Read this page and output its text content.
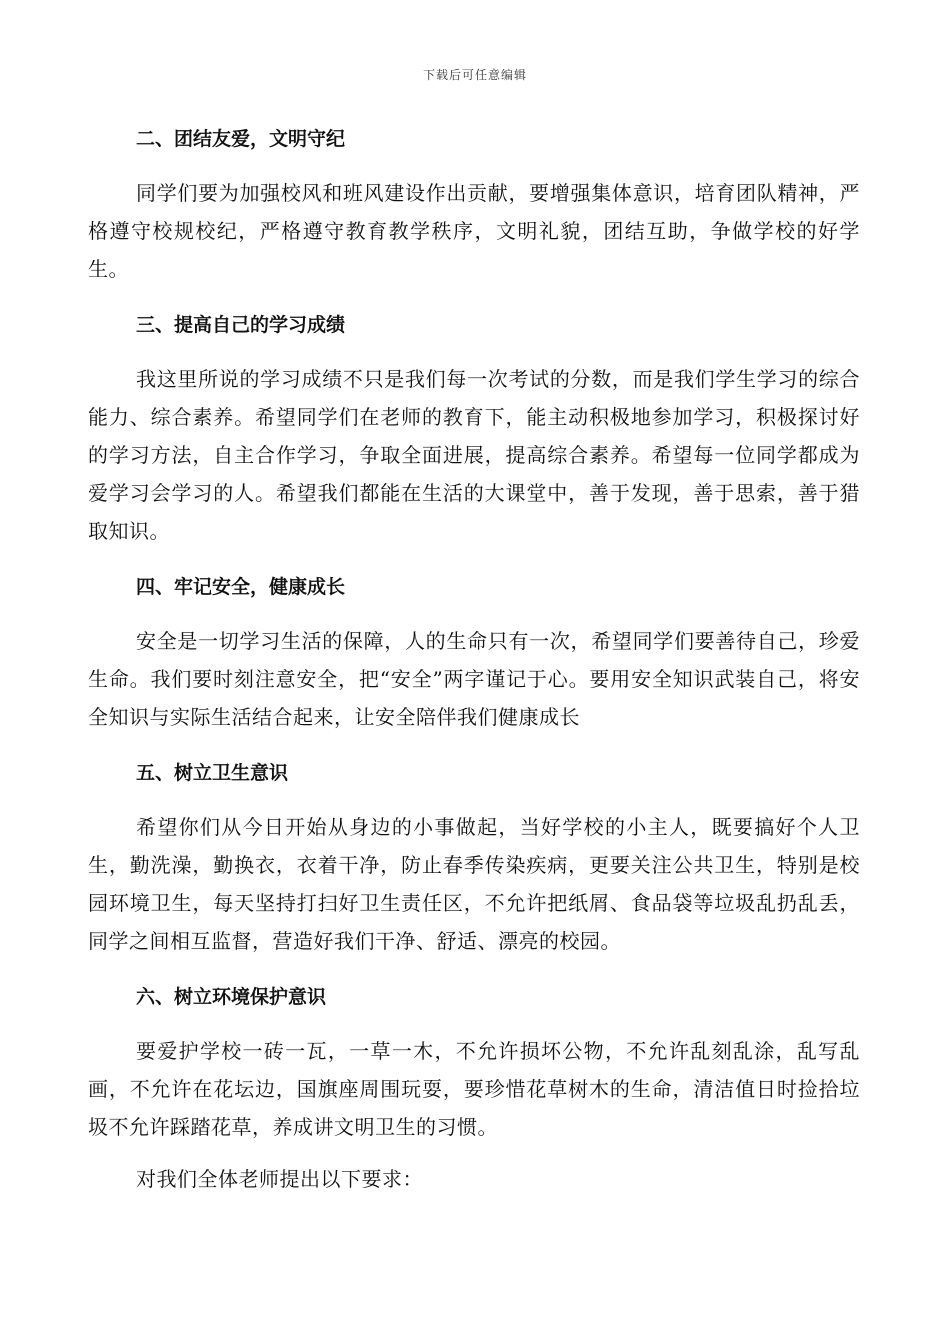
下载后可任意编辑
二、团结友爱，文明守纪

同学们要为加强校风和班风建设作出贡献，要增强集体意识，培育团队精神，严格遵守校规校纪，严格遵守教育教学秩序，文明礼貌，团结互助，争做学校的好学生。

三、提高自己的学习成绩

我这里所说的学习成绩不只是我们每一次考试的分数，而是我们学生学习的综合能力、综合素养。希望同学们在老师的教育下，能主动积极地参加学习，积极探讨好的学习方法，自主合作学习，争取全面进展，提高综合素养。希望每一位同学都成为爱学习会学习的人。希望我们都能在生活的大课堂中，善于发现，善于思索，善于猎取知识。

四、牢记安全，健康成长

安全是一切学习生活的保障，人的生命只有一次，希望同学们要善待自己，珍爱生命。我们要时刻注意安全，把“安全”两字谨记于心。要用安全知识武装自己，将安全知识与实际生活结合起来，让安全陪伴我们健康成长

五、树立卫生意识

希望你们从今日开始从身边的小事做起，当好学校的小主人，既要搞好个人卫生，勤洗澡，勤换衣，衣着干净，防止春季传染疾病，更要关注公共卫生，特别是校园环境卫生，每天坚持打扫好卫生责任区，不允许把纸屑、食品袋等垃圾乱扔乱丢，同学之间相互监督，营造好我们干净、舒适、漂亮的校园。

六、树立环境保护意识

要爱护学校一砖一瓦，一草一木，不允许损坏公物，不允许乱刻乱涂，乱写乱画，不允许在花坛边，国旗座周围玩耍，要珍惜花草树木的生命，清洁值日时捡拾垃圾不允许踩踏花草，养成讲文明卫生的习惯。

对我们全体老师提出以下要求：
